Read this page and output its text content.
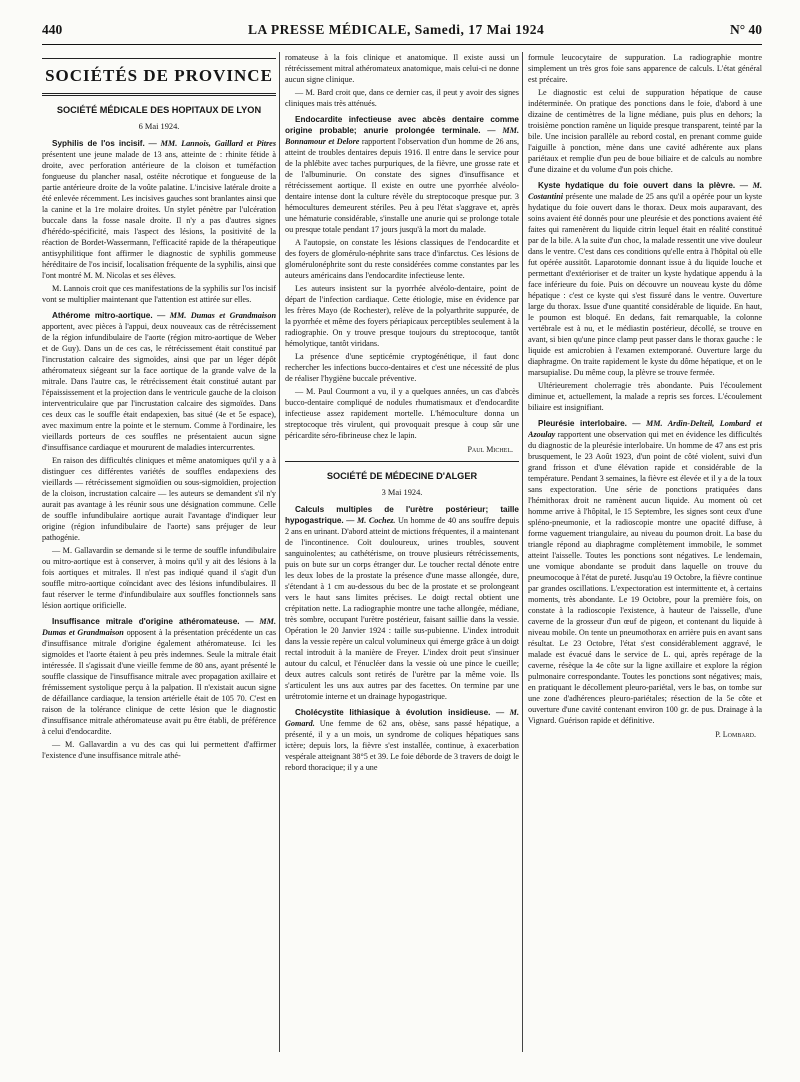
440	LA PRESSE MÉDICALE, Samedi, 17 Mai 1924	N° 40
SOCIÉTÉS DE PROVINCE
SOCIÉTÉ MÉDICALE DES HOPITAUX DE LYON
6 Mai 1924.

Syphilis de l'os incisif. — MM. Lannois, Gaillard et Pitres présentent une jeune malade de 13 ans, atteinte de : rhinite fétide à droite, avec perforation antérieure de la cloison et tuméfaction fongueuse du plancher nasal, ostéite nécrotique et fongueuse de la partie antérieure droite de la voûte palatine. L'incisive latérale droite a été enlevée récemment. Les incisives gauches sont branlantes ainsi que la canine et la 1re molaire droites. Un stylet pénètre par l'ulcération buccale dans la fosse nasale droite. Il n'y a pas d'autres signes d'hérédo-spécificité, mais l'aspect des lésions, la positivité de la réaction de Bordet-Wassermann, l'efficacité rapide de la thérapeutique antisyphilitique font affirmer le diagnostic de syphilis gommeuse héréditaire de l'os incisif, localisation fréquente de la syphilis, ainsi que l'ont montré M. M. Nicolas et ses élèves.

M. Lannois croit que ces manifestations de la syphilis sur l'os incisif vont se multiplier maintenant que l'attention est attirée sur elles.

Athérome mitro-aortique. — MM. Dumas et Grandmaison apportent, avec pièces à l'appui, deux nouveaux cas de rétrécissement de la région infundibulaire de l'aorte (région mitro-aortique de Weber et de Guy). Dans un de ces cas, le rétrécissement était constitué par l'incrustation calcaire des sigmoïdes, ainsi que par un léger dépôt athéromateux siégeant sur la face aortique de la grande valve de la mitrale. Dans l'autre cas, le rétrécissement était constitué autant par l'épaississement et la projection dans le ventricule gauche de la cloison interventriculaire que par l'incrustation calcaire des sigmoïdes. Dans ces deux cas le souffle était endapexien, bas situé (4e et 5e espace), avec maximum entre la pointe et le sternum. Comme à l'ordinaire, les vieillards porteurs de ces souffles ne présentaient aucun signe d'insuffisance cardiaque et moururent de maladies intercurrentes.

En raison des difficultés cliniques et même anatomiques qu'il y a à distinguer ces différentes variétés de souffles endapexiens des vieillards — rétrécissement sigmoïdien ou sous-sigmoïdien, projection de la cloison, incrustation calcaire — les auteurs se demandent s'il n'y aurait pas avantage à les réunir sous une désignation commune. Celle de souffle infundibulaire aortique aurait l'avantage d'indiquer leur origine (région infundibulaire de l'aorte) sans préjuger de leur pathogénie.

— M. Gallavardin se demande si le terme de souffle infundibulaire ou mitro-aortique est à conserver, à moins qu'il y ait des lésions à la fois aortiques et mitrales. Il n'est pas indiqué quand il s'agit d'un souffle mitro-aortique coïncidant avec des lésions infundibulaires. Il faut réserver le terme d'infundibulaire aux souffles fonctionnels sans lésion aortique orificielle.

Insuffisance mitrale d'origine athéromateuse. — MM. Dumas et Grandmaison opposent à la présentation précédente un cas d'insuffisance mitrale d'origine également athéromateuse. Ici les sigmoïdes et l'aorte étaient à peu près indemnes. Seule la mitrale était intéressée. Il s'agissait d'une vieille femme de 80 ans, ayant présenté le souffle classique de l'insuffisance mitrale avec propagation axillaire et frémissement systolique perçu à la palpation. Il n'existait aucun signe de défaillance cardiaque, la tension artérielle était de 105 70. C'est en raison de la tolérance clinique de cette lésion que le diagnostic d'insuffisance mitrale athéromateuse avait pu être établi, de préférence à celui d'endocardite.

— M. Gallavardin a vu des cas qui lui permettent d'affirmer l'existence d'une insuffisance mitrale athé-

romateuse à la fois clinique et anatomique. Il existe aussi un rétrécissement mitral athéromateux anatomique, mais celui-ci ne donne aucun signe clinique.

— M. Bard croit que, dans ce dernier cas, il peut y avoir des signes cliniques mais très atténués.

Endocardite infectieuse avec abcès dentaire comme origine probable; anurie prolongée terminale. — MM. Bonnamour et Delore rapportent l'observation d'un homme de 26 ans, atteint de troubles dentaires depuis 1916. Il entre dans le service pour de la phlébite avec taches purpuriques, de la fièvre, une grosse rate et de l'albuminurie. On constate des signes d'insuffisance et rétrécissement aortique. Il existe en outre une pyorrhée alvéolo-dentaire intense dont la culture révèle du streptocoque presque pur. 3 hémocultures demeurent stériles. Peu à peu l'état s'aggrave et, après une hématurie considérable, s'installe une anurie qui se prolonge totale ou presque totale pendant 17 jours jusqu'à la mort du malade.

A l'autopsie, on constate les lésions classiques de l'endocardite et des foyers de glomérulo-néphrite sans trace d'infarctus. Ces lésions de glomérulonéphrite sont du reste considérées comme constantes par les auteurs américains dans l'endocardite infectieuse lente.

Les auteurs insistent sur la pyorrhée alvéolo-dentaire, point de départ de l'infection cardiaque. Cette étiologie, mise en évidence par les frères Mayo (de Rochester), relève de la polyarthrite suppurée, de la pyorrhée et même des foyers périapicaux perceptibles seulement à la radiographie. On y trouve presque toujours du streptocoque, tantôt hémolytique, tantôt viridans.

La présence d'une septicémie cryptogénétique, il faut donc rechercher les infections bucco-dentaires et c'est une nécessité de plus de réaliser l'hygiène buccale préventive.

— M. Paul Courmont a vu, il y a quelques années, un cas d'abcès bucco-dentaire compliqué de nodules rhumatismaux et d'endocardite infectieuse assez rapidement mortelle. L'hémoculture donna un streptocoque très virulent, qui provoquait presque à coup sûr une péricardite séro-fibrineuse chez le lapin.

Paul Michel.
SOCIÉTÉ DE MÉDECINE D'ALGER
3 Mai 1924.

Calculs multiples de l'urètre postérieur; taille hypogastrique. — M. Cochez. Un homme de 40 ans souffre depuis 2 ans en urinant. D'abord atteint de mictions fréquentes, il a maintenant de l'incontinence. Coït douloureux, urines troubles, souvent sanguinolentes; au cathétérisme, on trouve plusieurs rétrécissements, puis on bute sur un corps étranger dur. Le toucher rectal dénote entre les deux lobes de la prostate la présence d'une masse allongée, dure, s'étendant à 1 cm au-dessous du bec de la prostate et se prolongeant vers le haut sans limites précises. Le doigt rectal obtient une crépitation nette. La radiographie montre une tache allongée, médiane, très sombre, occupant l'urètre postérieur, faisant saillie dans la vessie. Opération le 20 Janvier 1924 : taille sus-pubienne. L'index introduit dans la vessie repère un calcul volumineux qui émerge grâce à un doigt rectal introduit à la manière de Freyer. L'index droit peut s'insinuer autour du calcul, et l'énucléer dans la vessie où une pince le cueille; deux autres calculs sont retirés de l'urètre par la même voie. Ils s'articulent les uns aux autres par des facettes. On termine par une urétrotomie interne et un drainage hypogastrique.

Cholécystite lithiasique à évolution insidieuse. — M. Gomard. Une femme de 62 ans, obèse, sans passé hépatique, a présenté, il y a un mois, un syndrome de coliques hépatiques sans ictère; depuis lors, la fièvre s'est installée, continue, à exacerbation vespérale atteignant 38°5 et 39. Le foie déborde de 3 travers de doigt le rebord thoracique; il y a une

formule leucocytaire de suppuration. La radiographie montre simplement un très gros foie sans apparence de calculs. L'état général est précaire.

Le diagnostic est celui de suppuration hépatique de cause indéterminée. On pratique des ponctions dans le foie, d'abord à une dizaine de centimètres de la ligne médiane, puis plus en dehors; la troisième ponction ramène un liquide presque transparent, teinté par la bile. Une incision parallèle au rebord costal, en prenant comme guide l'aiguille à ponction, mène dans une cavité adhérente aux plans pariétaux et remplie d'un peu de boue biliaire et de calculs au nombre d'une dizaine et du volume d'un pois chiche.

Kyste hydatique du foie ouvert dans la plèvre. — M. Costantini présente une malade de 25 ans qu'il a opérée pour un kyste hydatique du foie ouvert dans le thorax. Deux mois auparavant, des soins avaient été donnés pour une pleurésie et des ponctions avaient été faites qui ramenèrent du liquide citrin lequel était en réalité constitué par de la bile. A la suite d'un choc, la malade ressentit une vive douleur dans le ventre. C'est dans ces conditions qu'elle entra à l'hôpital où elle fut opérée aussitôt. Laparotomie donnant issue à du liquide louche et permettant d'extérioriser et de traiter un kyste hydatique appendu à la face inférieure du foie. Puis on découvre un nouveau kyste du dôme hépatique : c'est ce kyste qui s'est fissuré dans le ventre. Ouverture large du thorax. Issue d'une quantité considérable de liquide. En haut, le poumon est bloqué. En dedans, fait remarquable, la colonne vertébrale est à nu, et le médiastin postérieur, décollé, se trouve en avant, si bien qu'une pince clamp peut passer dans le thorax gauche : le liquide est amicrobien à l'examen extemporané. Ouverture large du diaphragme. On traite rapidement le kyste du dôme hépatique, et on le marsupialise. Du même coup, la plèvre se trouve fermée.

Ultérieurement cholerragie très abondante. Puis l'écoulement diminue et, actuellement, la malade a repris ses forces. L'écoulement biliaire est insignifiant.

Pleurésie interlobaire. — MM. Ardin-Delteil, Lombard et Azoulay rapportent une observation qui met en évidence les difficultés du diagnostic de la pleurésie interlobaire. Un homme de 47 ans est pris brusquement, le 23 Août 1923, d'un point de côté violent, suivi d'un grand frisson et d'une élévation rapide et considérable de la température. Pendant 3 semaines, la fièvre est élevée et il y a de la toux sans expectoration. Une série de ponctions pratiquées dans l'hémithorax droit ne ramènent aucun liquide. Au moment où cet homme arrive à l'hôpital, le 15 Septembre, les signes sont ceux d'une spléno-pneumonie, et la radioscopie montre une opacité diffuse, à forme vaguement triangulaire, au niveau du poumon droit. La base du triangle répond au diaphragme complètement immobile, le sommet atteint l'aisselle. Toutes les ponctions sont négatives. Le lendemain, une vomique abondante se produit dans laquelle on trouve du pneumocoque à l'état de pureté. Jusqu'au 19 Octobre, la fièvre continue par grandes oscillations. L'expectoration est intermittente et, à certains moments, très abondante. Le 19 Octobre, pour la première fois, on constate à la radioscopie l'existence, à hauteur de l'aisselle, d'une caverne de la grosseur d'un œuf de pigeon, et contenant du liquide à niveau mobile. On tente un pneumothorax en arrière puis en avant sans résultat. Le 23 Octobre, l'état s'est considérablement aggravé, le malade est évacué dans le service de L. qui, après repérage de la caverne, résèque la 4e côte sur la ligne axillaire et explore la région pulmonaire correspondante. Toutes les ponctions sont négatives; mais, en pratiquant le décollement pleuro-pariétal, vers le bas, on tombe sur une zone d'adhérences pleuro-pariétales; résection de la 5e côte et ouverture d'une cavité contenant environ 100 gr. de pus. Drainage à la Vignard. Guérison rapide et définitive.

P. Lombard.
